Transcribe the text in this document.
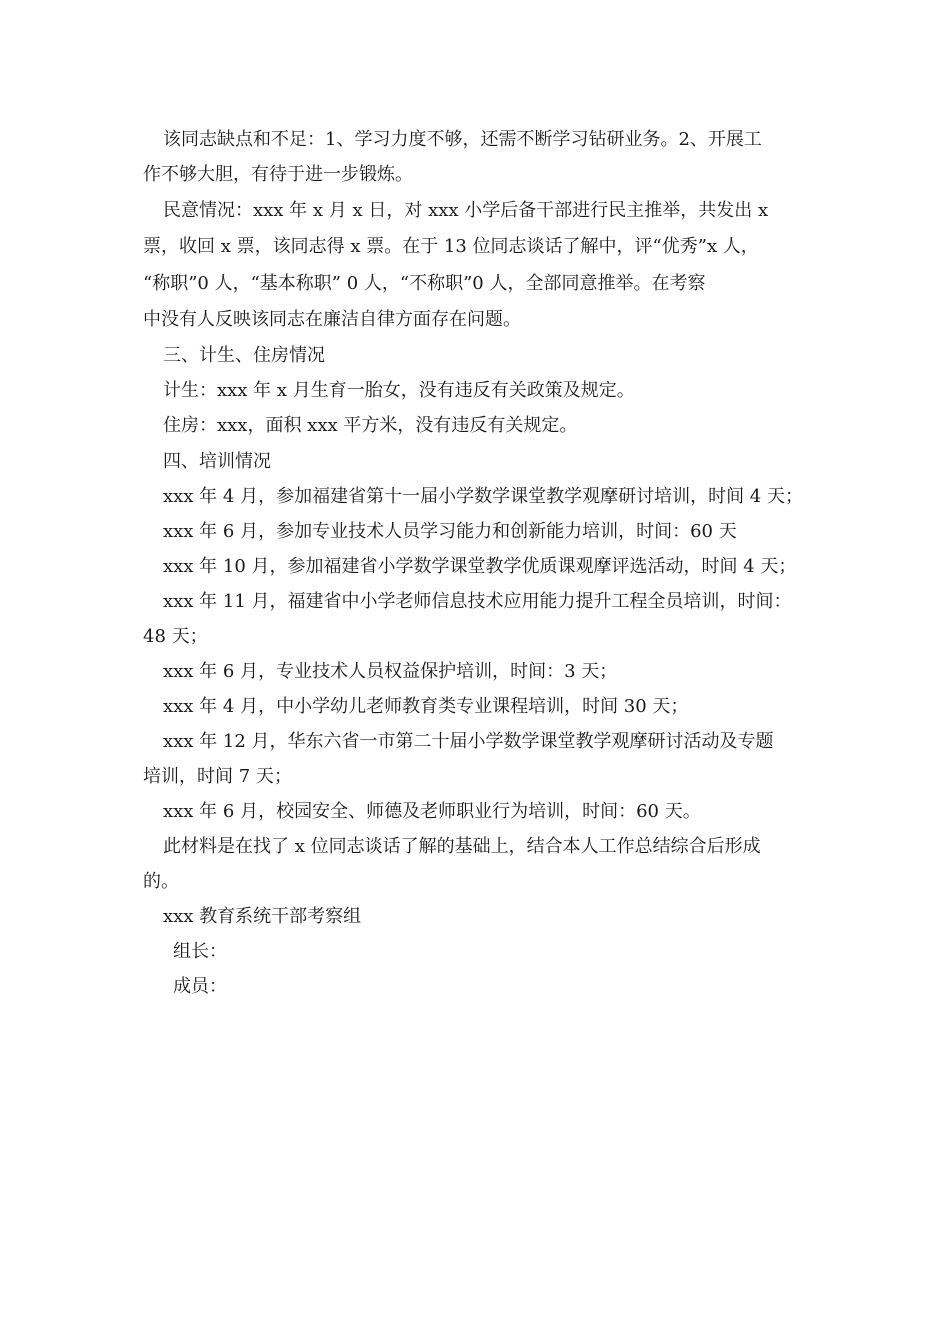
该同志缺点和不足：1、学习力度不够，还需不断学习钻研业务。2、开展工
作不够大胆，有待于进一步锻炼。
民意情况：xxx 年 x 月 x 日，对 xxx 小学后备干部进行民主推举，共发出 x
票，收回 x 票，该同志得 x 票。在于 13 位同志谈话了解中，评“优秀”x 人，
“称职”0 人，“基本称职” 0 人，“不称职”0 人，全部同意推举。在考察
中没有人反映该同志在廉洁自律方面存在问题。
三、计生、住房情况
计生：xxx 年 x 月生育一胎女，没有违反有关政策及规定。
住房：xxx，面积 xxx 平方米，没有违反有关规定。
四、培训情况
xxx 年 4 月，参加福建省第十一届小学数学课堂教学观摩研讨培训，时间 4 天；
xxx 年 6 月，参加专业技术人员学习能力和创新能力培训，时间：60 天
xxx 年 10 月，参加福建省小学数学课堂教学优质课观摩评选活动，时间 4 天；
xxx 年 11 月，福建省中小学老师信息技术应用能力提升工程全员培训，时间：
48 天；
xxx 年 6 月，专业技术人员权益保护培训，时间：3 天；
xxx 年 4 月，中小学幼儿老师教育类专业课程培训，时间 30 天；
xxx 年 12 月，华东六省一市第二十届小学数学课堂教学观摩研讨活动及专题
培训，时间 7 天；
xxx 年 6 月，校园安全、师德及老师职业行为培训，时间：60 天。
此材料是在找了 x 位同志谈话了解的基础上，结合本人工作总结综合后形成
的。
xxx 教育系统干部考察组
组长：
成员：
